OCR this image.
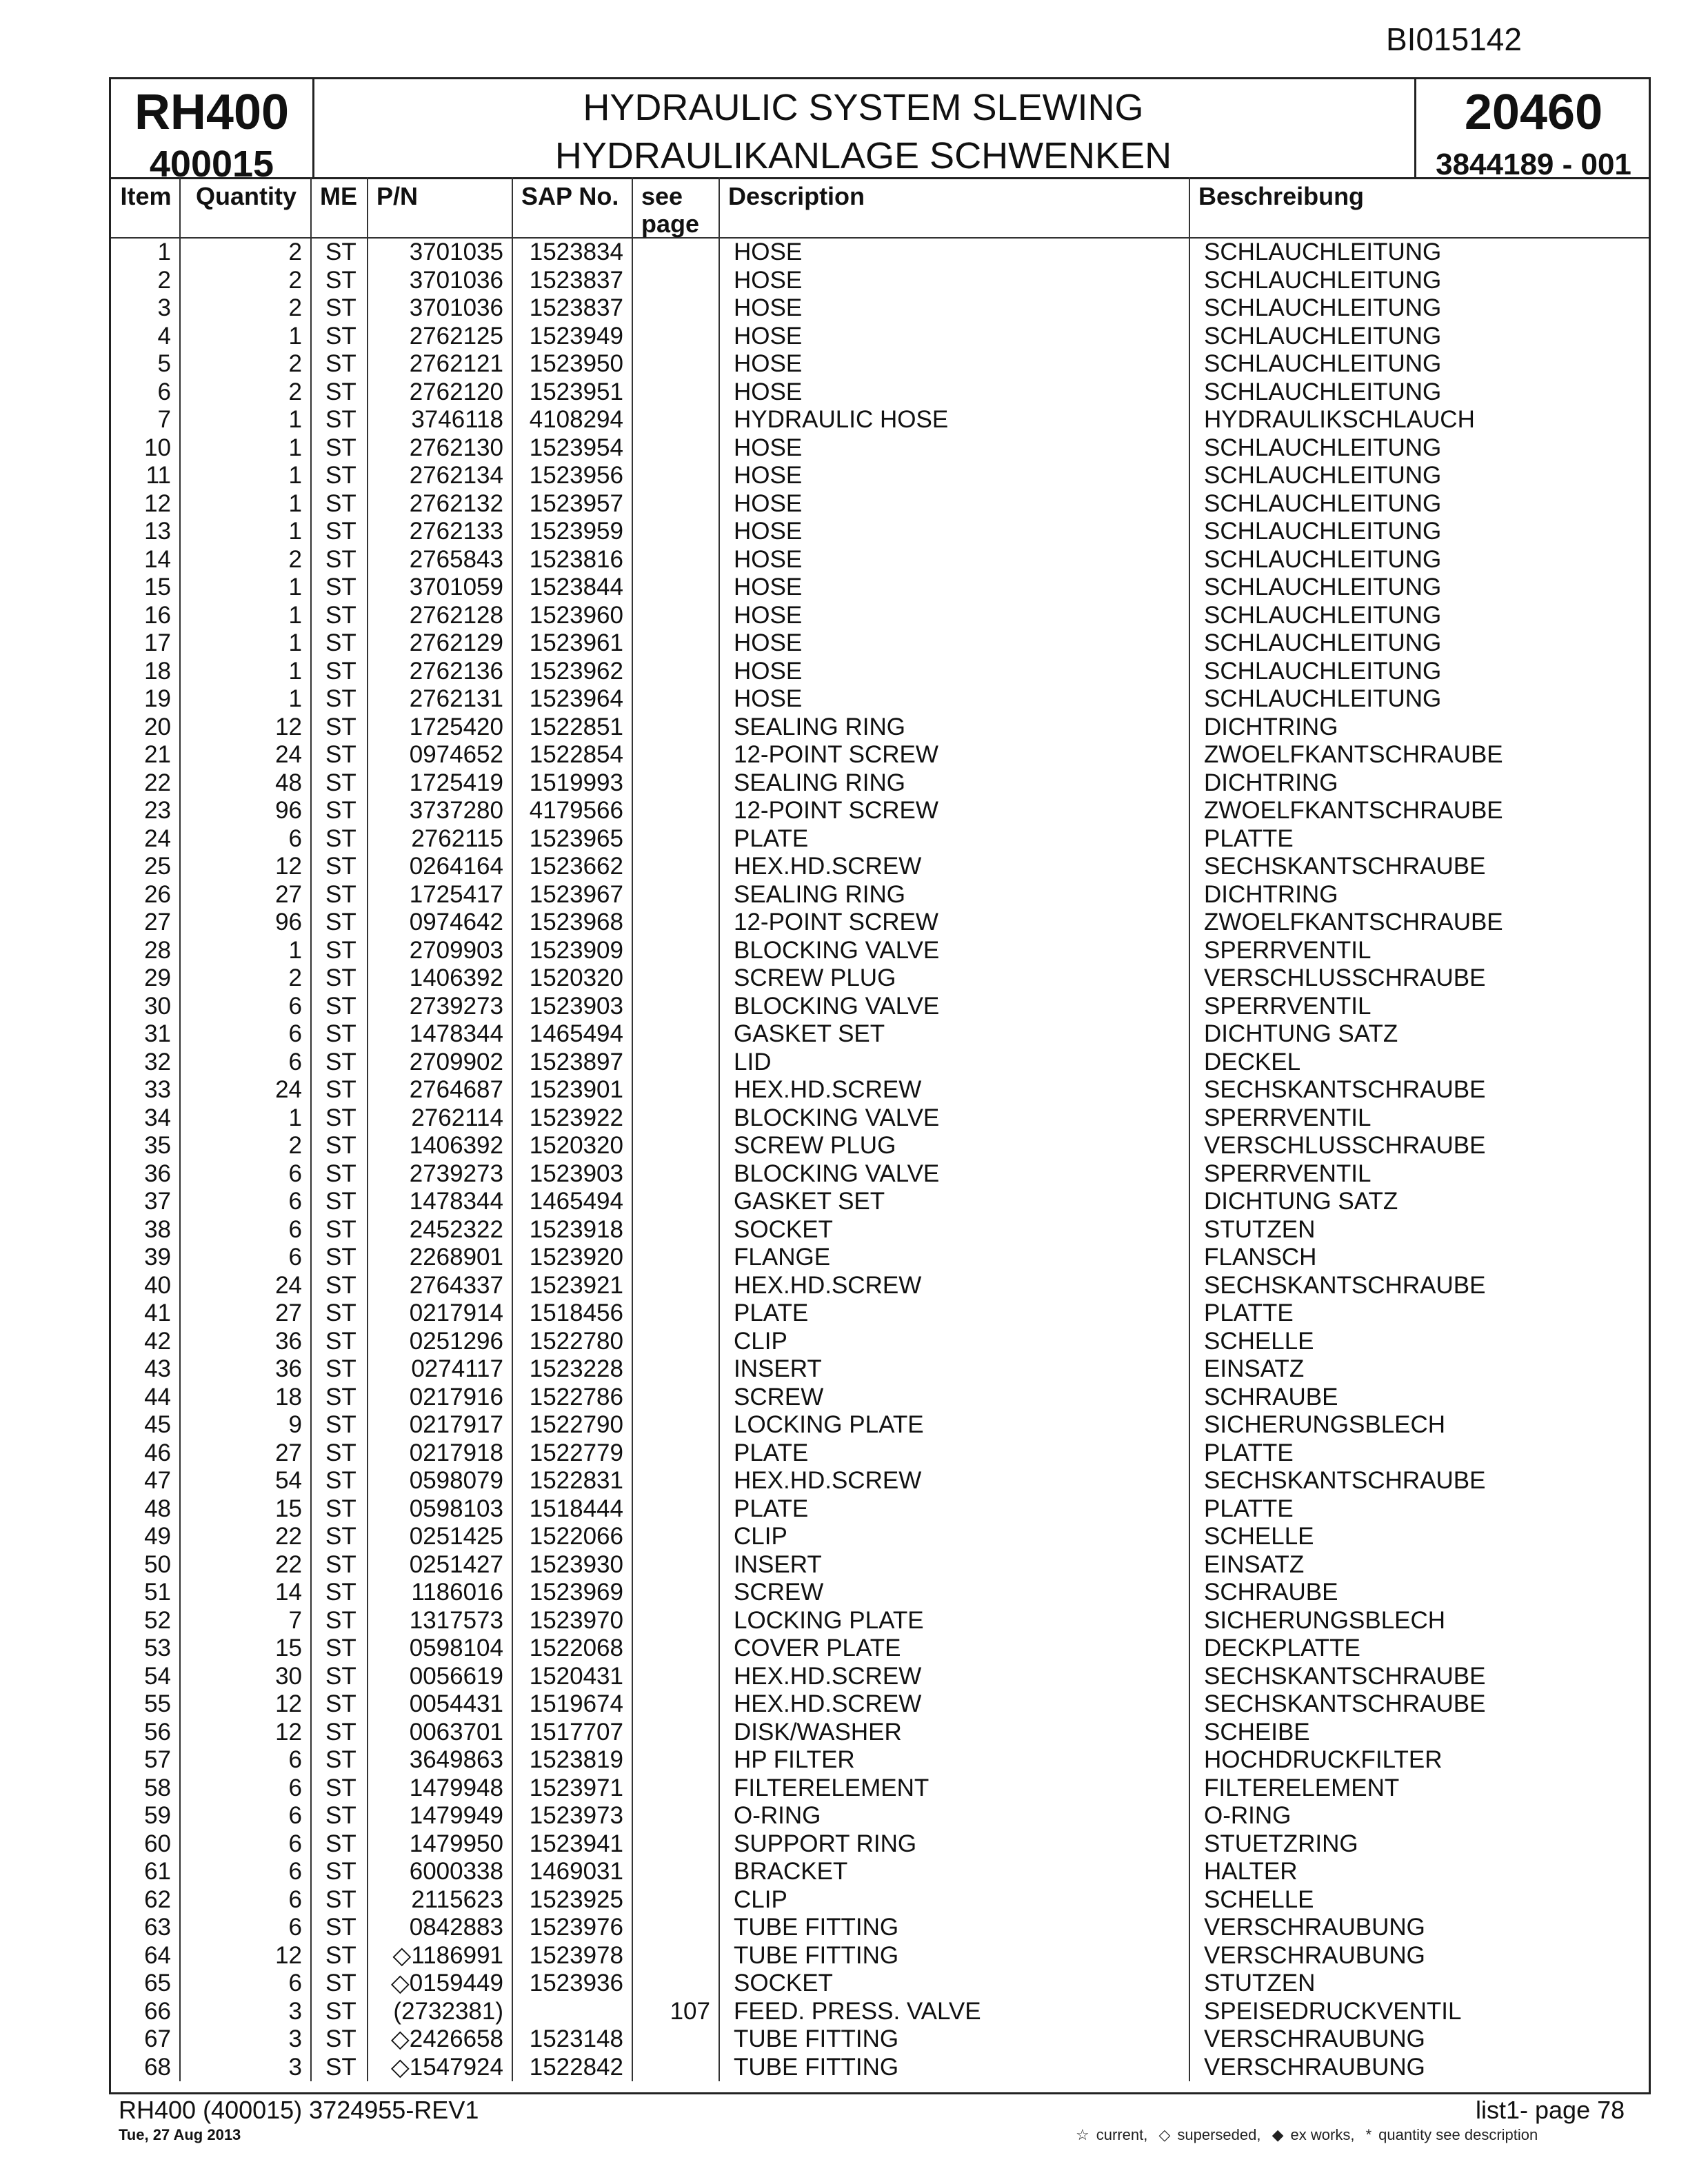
BI015142
RH400
400015
HYDRAULIC SYSTEM SLEWING
HYDRAULIKANLAGE SCHWENKEN
20460
3844189 - 001
Item	Quantity	ME	P/N	SAP No.	see page	Description	Beschreibung
1	2	ST	3701035	1523834		HOSE	SCHLAUCHLEITUNG
2	2	ST	3701036	1523837		HOSE	SCHLAUCHLEITUNG
3	2	ST	3701036	1523837		HOSE	SCHLAUCHLEITUNG
4	1	ST	2762125	1523949		HOSE	SCHLAUCHLEITUNG
5	2	ST	2762121	1523950		HOSE	SCHLAUCHLEITUNG
6	2	ST	2762120	1523951		HOSE	SCHLAUCHLEITUNG
7	1	ST	3746118	4108294		HYDRAULIC HOSE	HYDRAULIKSCHLAUCH
10	1	ST	2762130	1523954		HOSE	SCHLAUCHLEITUNG
11	1	ST	2762134	1523956		HOSE	SCHLAUCHLEITUNG
12	1	ST	2762132	1523957		HOSE	SCHLAUCHLEITUNG
13	1	ST	2762133	1523959		HOSE	SCHLAUCHLEITUNG
14	2	ST	2765843	1523816		HOSE	SCHLAUCHLEITUNG
15	1	ST	3701059	1523844		HOSE	SCHLAUCHLEITUNG
16	1	ST	2762128	1523960		HOSE	SCHLAUCHLEITUNG
17	1	ST	2762129	1523961		HOSE	SCHLAUCHLEITUNG
18	1	ST	2762136	1523962		HOSE	SCHLAUCHLEITUNG
19	1	ST	2762131	1523964		HOSE	SCHLAUCHLEITUNG
20	12	ST	1725420	1522851		SEALING RING	DICHTRING
21	24	ST	0974652	1522854		12-POINT SCREW	ZWOELFKANTSCHRAUBE
22	48	ST	1725419	1519993		SEALING RING	DICHTRING
23	96	ST	3737280	4179566		12-POINT SCREW	ZWOELFKANTSCHRAUBE
24	6	ST	2762115	1523965		PLATE	PLATTE
25	12	ST	0264164	1523662		HEX.HD.SCREW	SECHSKANTSCHRAUBE
26	27	ST	1725417	1523967		SEALING RING	DICHTRING
27	96	ST	0974642	1523968		12-POINT SCREW	ZWOELFKANTSCHRAUBE
28	1	ST	2709903	1523909		BLOCKING VALVE	SPERRVENTIL
29	2	ST	1406392	1520320		SCREW PLUG	VERSCHLUSSCHRAUBE
30	6	ST	2739273	1523903		BLOCKING VALVE	SPERRVENTIL
31	6	ST	1478344	1465494		GASKET SET	DICHTUNG SATZ
32	6	ST	2709902	1523897		LID	DECKEL
33	24	ST	2764687	1523901		HEX.HD.SCREW	SECHSKANTSCHRAUBE
34	1	ST	2762114	1523922		BLOCKING VALVE	SPERRVENTIL
35	2	ST	1406392	1520320		SCREW PLUG	VERSCHLUSSCHRAUBE
36	6	ST	2739273	1523903		BLOCKING VALVE	SPERRVENTIL
37	6	ST	1478344	1465494		GASKET SET	DICHTUNG SATZ
38	6	ST	2452322	1523918		SOCKET	STUTZEN
39	6	ST	2268901	1523920		FLANGE	FLANSCH
40	24	ST	2764337	1523921		HEX.HD.SCREW	SECHSKANTSCHRAUBE
41	27	ST	0217914	1518456		PLATE	PLATTE
42	36	ST	0251296	1522780		CLIP	SCHELLE
43	36	ST	0274117	1523228		INSERT	EINSATZ
44	18	ST	0217916	1522786		SCREW	SCHRAUBE
45	9	ST	0217917	1522790		LOCKING PLATE	SICHERUNGSBLECH
46	27	ST	0217918	1522779		PLATE	PLATTE
47	54	ST	0598079	1522831		HEX.HD.SCREW	SECHSKANTSCHRAUBE
48	15	ST	0598103	1518444		PLATE	PLATTE
49	22	ST	0251425	1522066		CLIP	SCHELLE
50	22	ST	0251427	1523930		INSERT	EINSATZ
51	14	ST	1186016	1523969		SCREW	SCHRAUBE
52	7	ST	1317573	1523970		LOCKING PLATE	SICHERUNGSBLECH
53	15	ST	0598104	1522068		COVER PLATE	DECKPLATTE
54	30	ST	0056619	1520431		HEX.HD.SCREW	SECHSKANTSCHRAUBE
55	12	ST	0054431	1519674		HEX.HD.SCREW	SECHSKANTSCHRAUBE
56	12	ST	0063701	1517707		DISK/WASHER	SCHEIBE
57	6	ST	3649863	1523819		HP FILTER	HOCHDRUCKFILTER
58	6	ST	1479948	1523971		FILTERELEMENT	FILTERELEMENT
59	6	ST	1479949	1523973		O-RING	O-RING
60	6	ST	1479950	1523941		SUPPORT RING	STUETZRING
61	6	ST	6000338	1469031		BRACKET	HALTER
62	6	ST	2115623	1523925		CLIP	SCHELLE
63	6	ST	0842883	1523976		TUBE FITTING	VERSCHRAUBUNG
64	12	ST	◇1186991	1523978		TUBE FITTING	VERSCHRAUBUNG
65	6	ST	◇0159449	1523936		SOCKET	STUTZEN
66	3	ST	(2732381)		107	FEED. PRESS. VALVE	SPEISEDRUCKVENTIL
67	3	ST	◇2426658	1523148		TUBE FITTING	VERSCHRAUBUNG
68	3	ST	◇1547924	1522842		TUBE FITTING	VERSCHRAUBUNG
RH400 (400015) 3724955-REV1
Tue, 27 Aug 2013
list1- page 78
☆ current, ◇ superseded, ◆ ex works, * quantity see description
